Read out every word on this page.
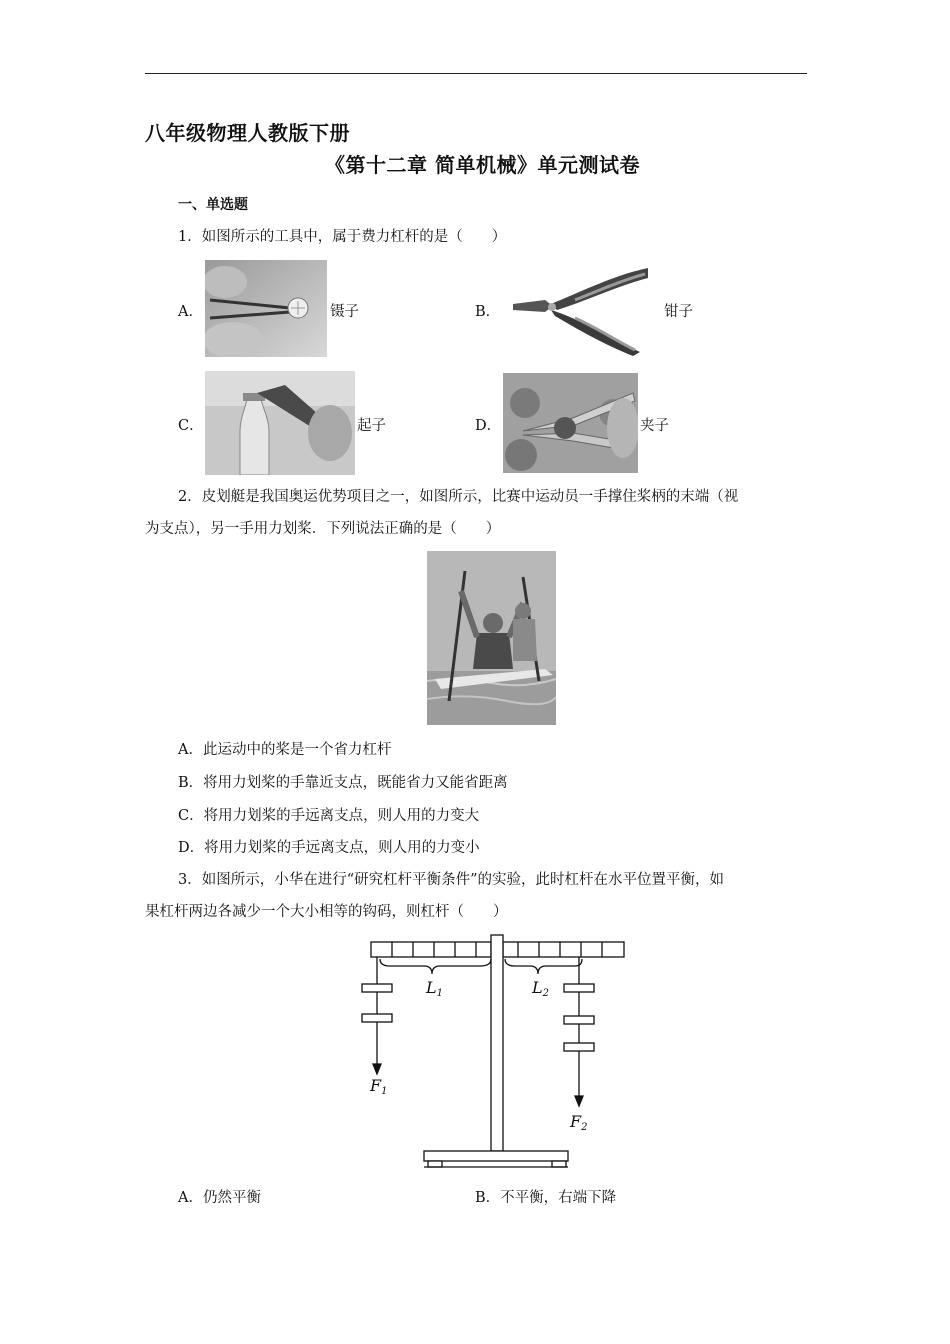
八年级物理人教版下册
《第十二章 简单机械》单元测试卷
一、单选题
1．如图所示的工具中，属于费力杠杆的是（　　）
A．	镊子	B．	钳子
C．	起子	D．	夹子
2．皮划艇是我国奥运优势项目之一，如图所示，比赛中运动员一手撑住桨柄的末端（视
为支点），另一手用力划桨．下列说法正确的是（　　）
A．此运动中的桨是一个省力杠杆
B．将用力划桨的手靠近支点，既能省力又能省距离
C．将用力划桨的手远离支点，则人用的力变大
D．将用力划桨的手远离支点，则人用的力变小
3．如图所示，小华在进行“研究杠杆平衡条件”的实验，此时杠杆在水平位置平衡，如
果杠杆两边各减少一个大小相等的钩码，则杠杆（　　）
L1	L2
F1
F2
A．仍然平衡	B．不平衡，右端下降
